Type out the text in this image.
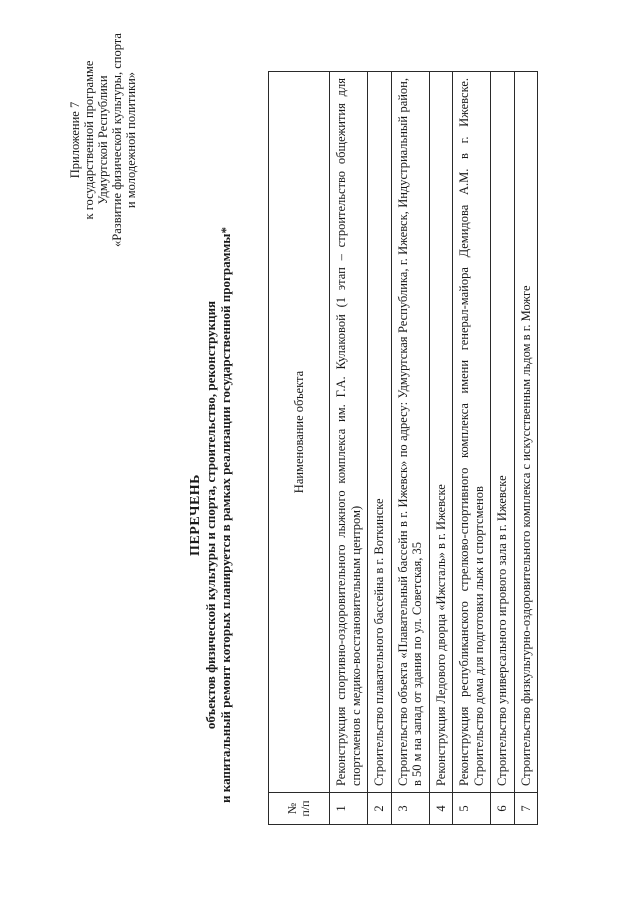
Приложение 7 к государственной программе Удмуртской Республики «Развитие физической культуры, спорта и молодежной политики»
ПЕРЕЧЕНЬ объектов физической культуры и спорта, строительство, реконструкция и капитальный ремонт которых планируется в рамках реализации государственной программы*
№ п/п	Наименование объекта
1	Реконструкция спортивно-оздоровительного лыжного комплекса им. Г.А. Кулаковой (1 этап – строительство общежития для спортсменов с медико-восстановительным центром)
2	Строительство плавательного бассейна в г. Воткинске
3	Строительство объекта «Плавательный бассейн в г. Ижевск» по адресу: Удмуртская Республика, г. Ижевск, Индустриальный район, в 50 м на запад от здания по ул. Советская, 35
4	Реконструкция Ледового дворца «Ижсталь» в г. Ижевске
5	Реконструкция республиканского стрелково-спортивного комплекса имени генерал-майора Демидова А.М. в г. Ижевске. Строительство дома для подготовки лыж и спортсменов
6	Строительство универсального игрового зала в г. Ижевске
7	Строительство физкультурно-оздоровительного комплекса с искусственным льдом в г. Можге
